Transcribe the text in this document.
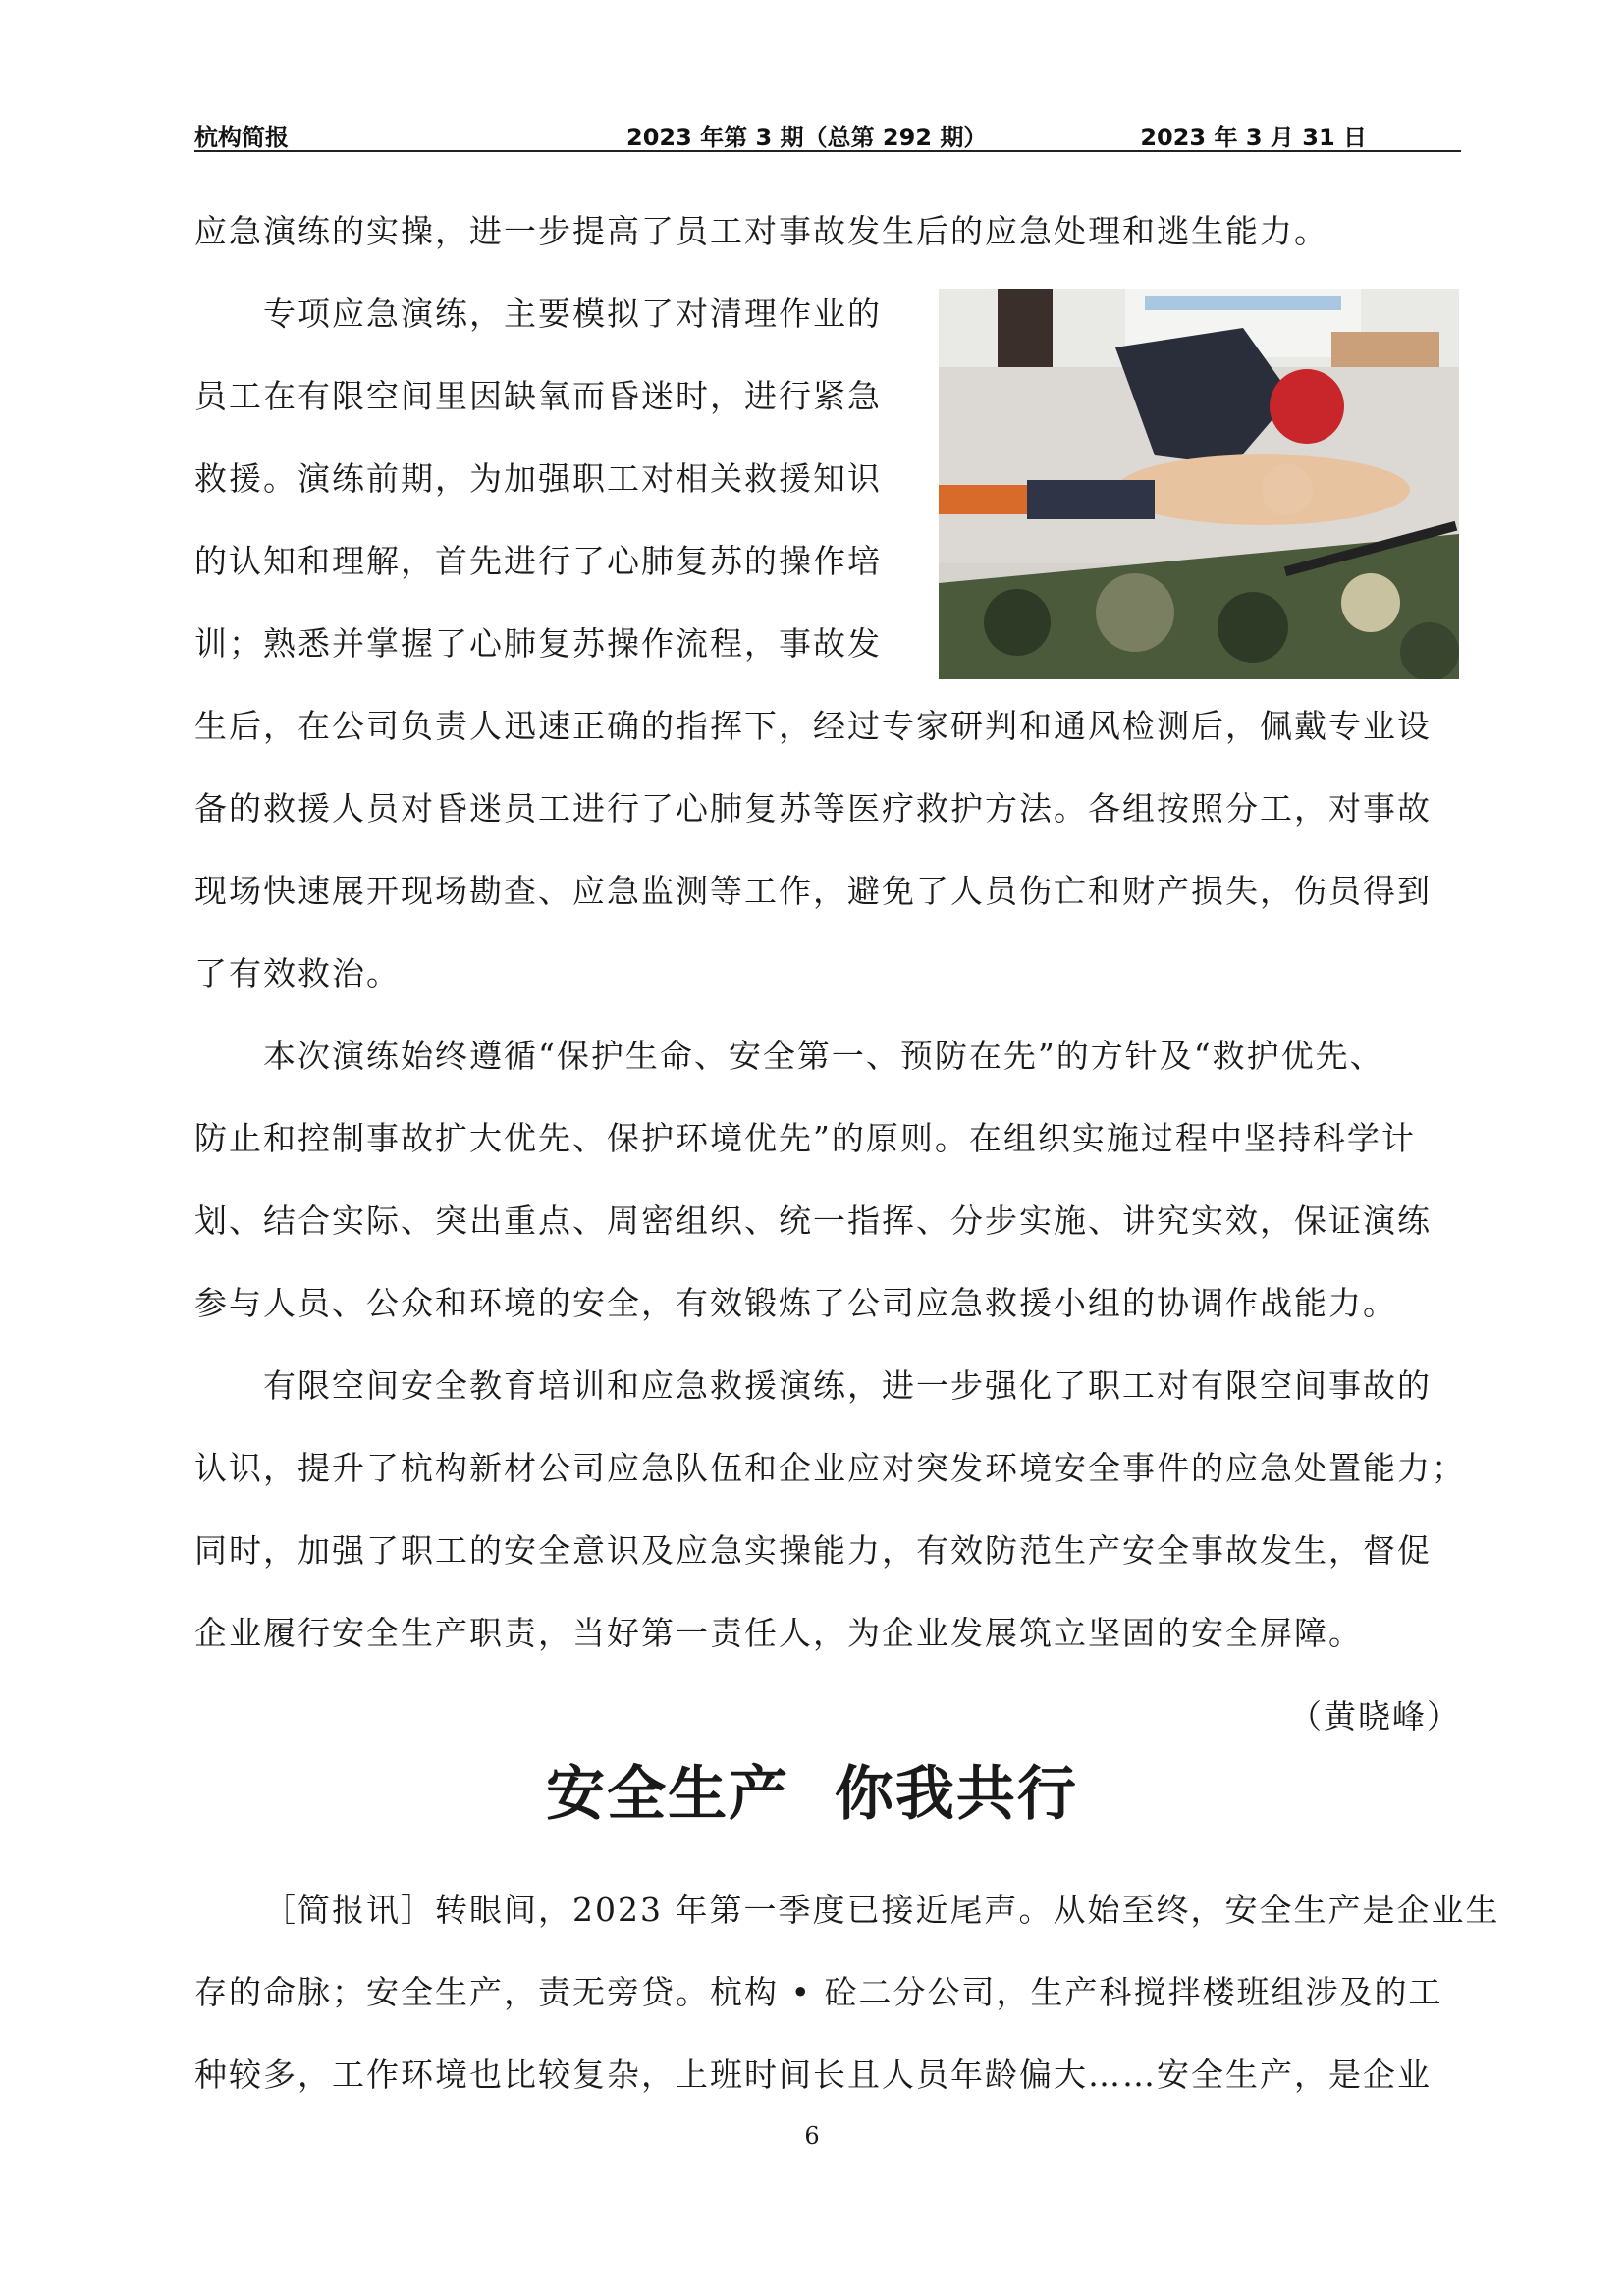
杭构简报	2023 年第 3 期（总第 292 期）	2023 年 3 月 31 日
应急演练的实操，进一步提高了员工对事故发生后的应急处理和逃生能力。
专项应急演练，主要模拟了对清理作业的
员工在有限空间里因缺氧而昏迷时，进行紧急
救援。演练前期，为加强职工对相关救援知识
的认知和理解，首先进行了心肺复苏的操作培
训；熟悉并掌握了心肺复苏操作流程，事故发
生后，在公司负责人迅速正确的指挥下，经过专家研判和通风检测后，佩戴专业设
备的救援人员对昏迷员工进行了心肺复苏等医疗救护方法。各组按照分工，对事故
现场快速展开现场勘查、应急监测等工作，避免了人员伤亡和财产损失，伤员得到
了有效救治。
本次演练始终遵循“保护生命、安全第一、预防在先”的方针及“救护优先、
防止和控制事故扩大优先、保护环境优先”的原则。在组织实施过程中坚持科学计
划、结合实际、突出重点、周密组织、统一指挥、分步实施、讲究实效，保证演练
参与人员、公众和环境的安全，有效锻炼了公司应急救援小组的协调作战能力。
有限空间安全教育培训和应急救援演练，进一步强化了职工对有限空间事故的
认识，提升了杭构新材公司应急队伍和企业应对突发环境安全事件的应急处置能力；
同时，加强了职工的安全意识及应急实操能力，有效防范生产安全事故发生，督促
企业履行安全生产职责，当好第一责任人，为企业发展筑立坚固的安全屏障。
（黄晓峰）
安全生产  你我共行
［简报讯］转眼间，2023 年第一季度已接近尾声。从始至终，安全生产是企业生
存的命脉；安全生产，责无旁贷。杭构 • 砼二分公司，生产科搅拌楼班组涉及的工
种较多，工作环境也比较复杂，上班时间长且人员年龄偏大……安全生产，是企业
6
